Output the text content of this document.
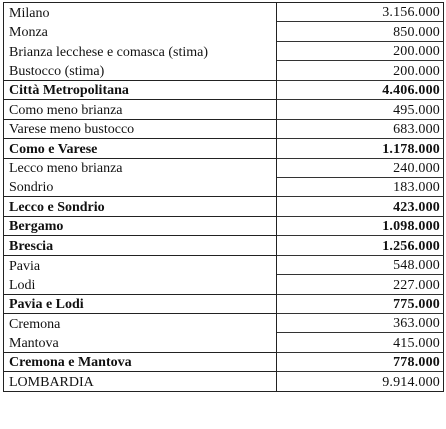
Milano	3.156.000
Monza	850.000
Brianza lecchese e comasca (stima)	200.000
Bustocco (stima)	200.000
Città Metropolitana	4.406.000
Como meno brianza	495.000
Varese meno bustocco	683.000
Como e Varese	1.178.000
Lecco meno brianza	240.000
Sondrio	183.000
Lecco e Sondrio	423.000
Bergamo	1.098.000
Brescia	1.256.000
Pavia	548.000
Lodi	227.000
Pavia e Lodi	775.000
Cremona	363.000
Mantova	415.000
Cremona e Mantova	778.000
LOMBARDIA	9.914.000
